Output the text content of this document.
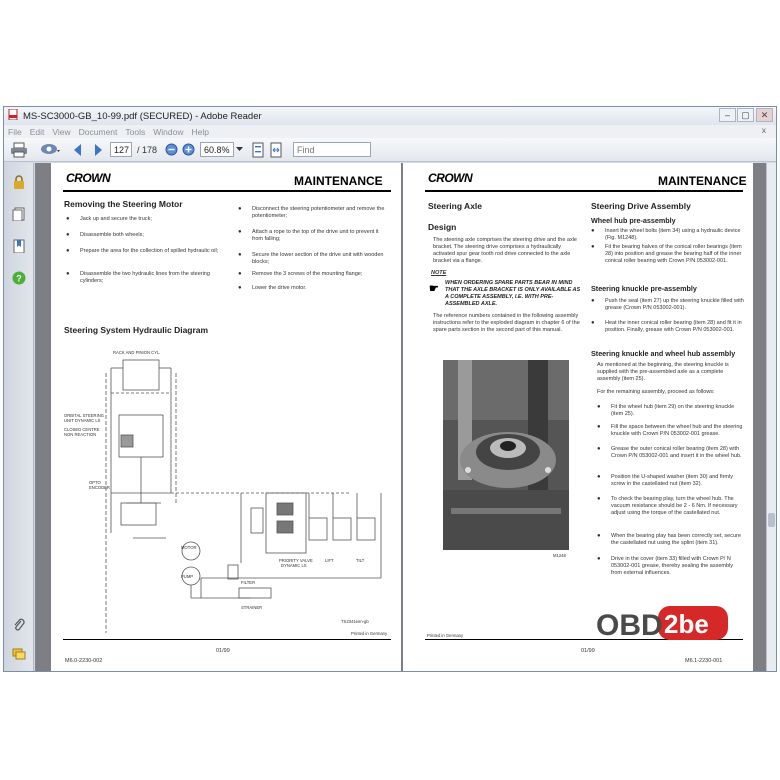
MS-SC3000-GB_10-99.pdf (SECURED) - Adobe Reader	–	▢	✕
File Edit View Document Tools Window Help	x
127 / 178	60.8%	Find
?
CROWN	MAINTENANCE
Removing the Steering Motor
●	Jack up and secure the truck;
●	Disassemble both wheels;
●	Prepare the area for the collection of spilled hydraulic oil;
●	Disassemble the two hydraulic lines from the steering cylinders;
●	Disconnect the steering potentiometer and remove the potentiometer;
●	Attach a rope to the top of the drive unit to prevent it from falling;
●	Secure the lower section of the drive unit with wooden blocks;
●	Remove the 3 screws of the mounting flange;
●	Lower the drive motor.
Steering System Hydraulic Diagram
RACK AND PINION CYL.
ORBITAL STEERING
UNIT DYNAMIC LS
CLOSED CENTRE
NON REACTION
OPTO
ENCODER
MOTOR
PUMP
FILTER
STRAINER
PRIORITY VALVE
DYNAMIC LS
LIFT	TILT
TS2341eirn-gb
Printed in Germany
01/99
M6.0-2230-002
CROWN	MAINTENANCE
Steering Axle
Design
The steering axle comprises the steering drive and the axle bracket. The steering drive comprises a hydraulically activated spur gear tooth rod drive connected to the axle bracket via a flange.
NOTE
☛ WHEN ORDERING SPARE PARTS BEAR IN MIND THAT THE AXLE BRACKET IS ONLY AVAILABLE AS A COMPLETE ASSEMBLY, I.E. WITH PRE-ASSEMBLED AXLE.
The reference numbers contained in the following assembly instructions refer to the exploded diagram in chapter 6 of the spare parts section in the second part of this manual.
M1248
Steering Drive Assembly
Wheel hub pre-assembly
●	Insert the wheel bolts (item 34) using a hydraulic device (Fig. M1248).
●	Fit the bearing halves of the conical roller bearings (item 28) into position and grease the bearing half of the inner conical roller bearing with Crown P/N 053002-001.
Steering knuckle pre-assembly
●	Push the seal (item 27) up the steering knuckle filled with grease (Crown P/N 053002-001).
●	Heat the inner conical roller bearing (item 28) and fit it in position. Finally, grease with Crown P/N 053002-001.
Steering knuckle and wheel hub assembly
As mentioned at the beginning, the steering knuckle is supplied with the pre-assembled axle as a complete assembly (item 25).
For the remaining assembly, proceed as follows:
●	Fit the wheel hub (item 29) on the steering knuckle (item 25).
●	Fill the space between the wheel hub and the steering knuckle with Crown P/N 053002-001 grease.
●	Grease the outer conical roller bearing (item 28) with Crown P/N 053002-001 and insert it in the wheel hub.
●	Position the U-shaped washer (item 30) and firmly screw in the castellated nut (item 32).
●	To check the bearing play, turn the wheel hub. The vacuum resistance should be 2 - 6 Nm. If necessary adjust using the torque of the castellated nut.
●	When the bearing play has been correctly set, secure the castellated nut using the splint (item 31).
●	Drive in the cover (item 33) filled with Crown P/ N 053002-001 grease, thereby sealing the assembly from external influences.
Printed in Germany
01/99
M6.1-2230-001
OBD 2be
